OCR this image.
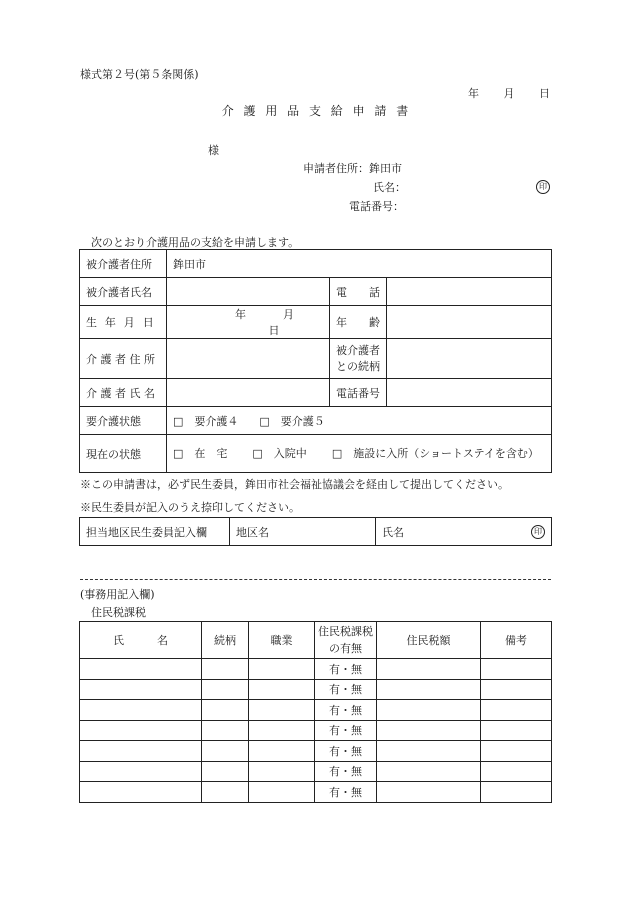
様式第２号(第５条関係)
年 月 日
介 護 用 品 支 給 申 請 書
様
申請者住所：鉾田市
氏名：	印
電話番号：
次のとおり介護用品の支給を申請します。
被介護者住所	鉾田市		
被介護者氏名		電　　話	
生 年 月 日	年 月  日	年　　齢	
介 護 者 住 所		被介護者との続柄	
介 護 者 氏 名		電話番号	
要介護状態	□　要介護４ □　要介護５		
現在の状態	□　在　宅 □　入院中 □　施設に入所（ショートステイを含む）		
※この申請書は，必ず民生委員，鉾田市社会福祉協議会を経由して提出してください。
※民生委員が記入のうえ捺印してください。
担当地区民生委員記入欄	地区名	氏名	印
(事務用記入欄)
住民税課税
氏　　　名	続柄	職業	住民税課税の有無	住民税額	備考
			有・無		
			有・無		
			有・無		
			有・無		
			有・無		
			有・無		
			有・無		
